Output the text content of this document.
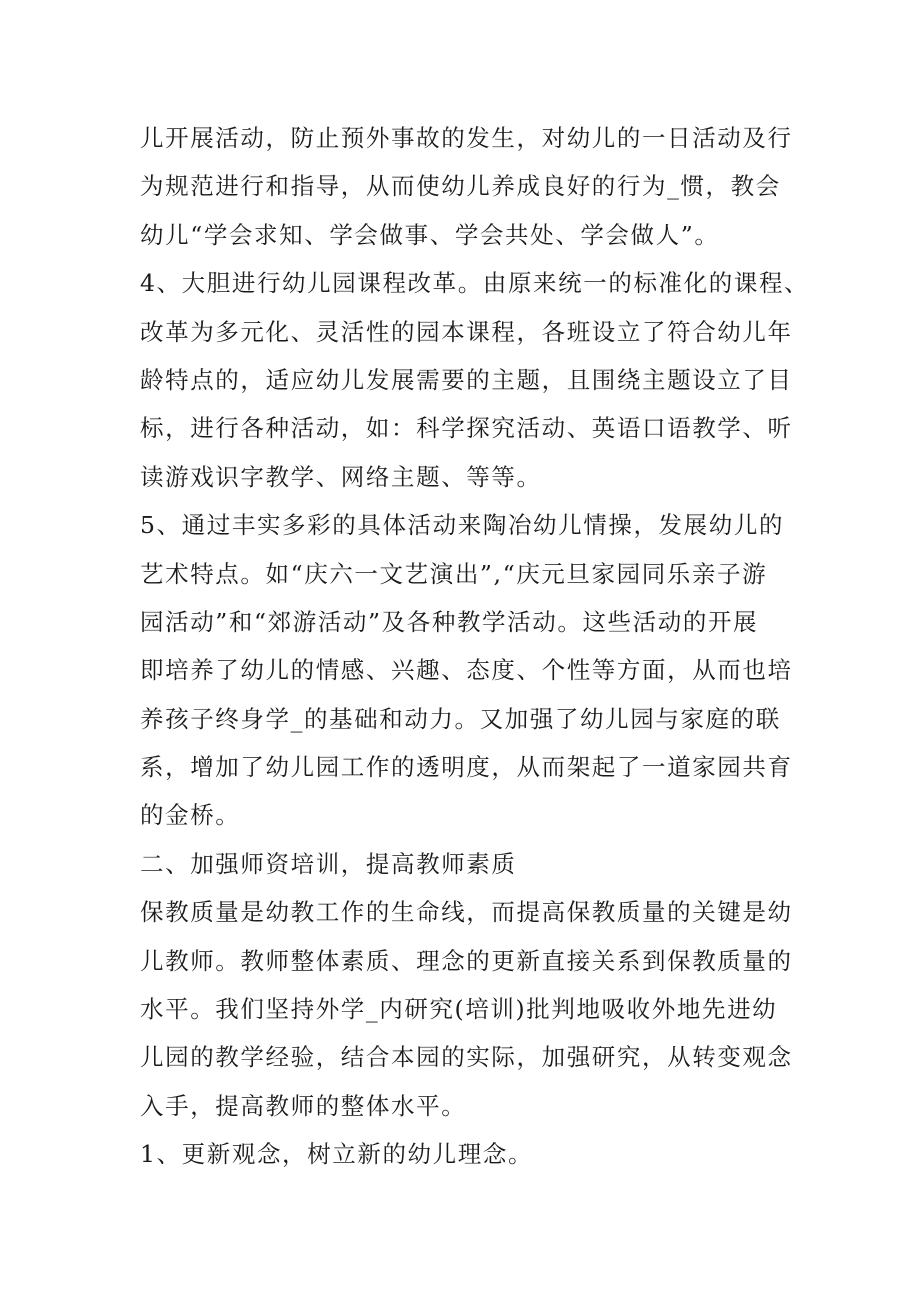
儿开展活动，防止预外事故的发生，对幼儿的一日活动及行
为规范进行和指导，从而使幼儿养成良好的行为_惯，教会
幼儿“学会求知、学会做事、学会共处、学会做人”。
4、大胆进行幼儿园课程改革。由原来统一的标准化的课程、
改革为多元化、灵活性的园本课程，各班设立了符合幼儿年
龄特点的，适应幼儿发展需要的主题，且围绕主题设立了目
标，进行各种活动，如：科学探究活动、英语口语教学、听
读游戏识字教学、网络主题、等等。
5、通过丰实多彩的具体活动来陶冶幼儿情操，发展幼儿的
艺术特点。如“庆六一文艺演出”,“庆元旦家园同乐亲子游
园活动”和“郊游活动”及各种教学活动。这些活动的开展
即培养了幼儿的情感、兴趣、态度、个性等方面，从而也培
养孩子终身学_的基础和动力。又加强了幼儿园与家庭的联
系，增加了幼儿园工作的透明度，从而架起了一道家园共育
的金桥。
二、加强师资培训，提高教师素质
保教质量是幼教工作的生命线，而提高保教质量的关键是幼
儿教师。教师整体素质、理念的更新直接关系到保教质量的
水平。我们坚持外学_内研究(培训)批判地吸收外地先进幼
儿园的教学经验，结合本园的实际，加强研究，从转变观念
入手，提高教师的整体水平。
1、更新观念，树立新的幼儿理念。
